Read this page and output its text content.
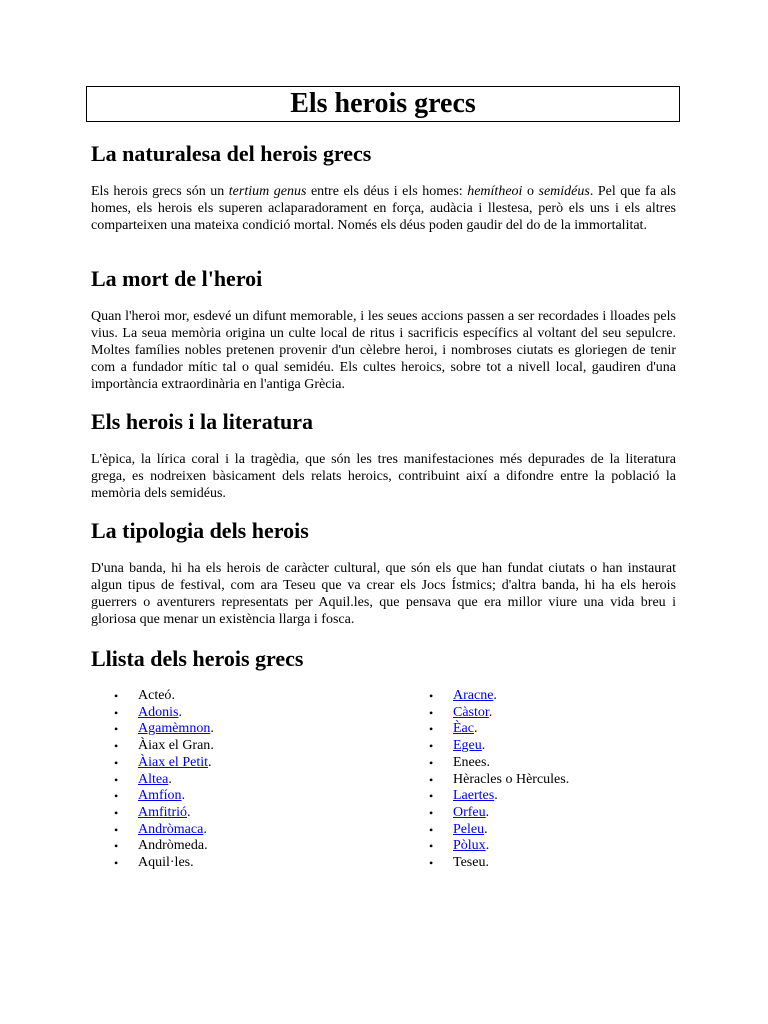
Els herois grecs
La naturalesa del herois grecs

Els herois grecs són un tertium genus entre els déus i els homes: hemítheoi o semidéus. Pel que fa als homes, els herois els superen aclaparadorament en força, audàcia i llestesa, però els uns i els altres comparteixen una mateixa condició mortal. Només els déus poden gaudir del do de la immortalitat.

La mort de l'heroi

Quan l'heroi mor, esdevé un difunt memorable, i les seues accions passen a ser recordades i lloades pels vius. La seua memòria origina un culte local de ritus i sacrificis específics al voltant del seu sepulcre. Moltes famílies nobles pretenen provenir d'un cèlebre heroi, i nombroses ciutats es gloriegen de tenir com a fundador mític tal o qual semidéu. Els cultes heroics, sobre tot a nivell local, gaudiren d'una importància extraordinària en l'antiga Grècia.

Els herois i la literatura

L'èpica, la lírica coral i la tragèdia, que són les tres manifestaciones més depurades de la literatura grega, es nodreixen bàsicament dels relats heroics, contribuint així a difondre entre la població la memòria dels semidéus.

La tipologia dels herois

D'una banda, hi ha els herois de caràcter cultural, que són els que han fundat ciutats o han instaurat algun tipus de festival, com ara Teseu que va crear els Jocs Ístmics; d'altra banda, hi ha els herois guerrers o aventurers representats per Aquil.les, que pensava que era millor viure una vida breu i gloriosa que menar un existència llarga i fosca.

Llista dels herois grecs
• Acteó.
• Adonis.
• Agamèmnon.
• Àiax el Gran.
• Àiax el Petit.
• Altea.
• Amfíon.
• Amfitrió.
• Andròmaca.
• Andròmeda.
• Aquil·les.
• Aracne.
• Càstor.
• Èac.
• Egeu.
• Enees.
• Hèracles o Hèrcules.
• Laertes.
• Orfeu.
• Peleu.
• Pòlux.
• Teseu.
